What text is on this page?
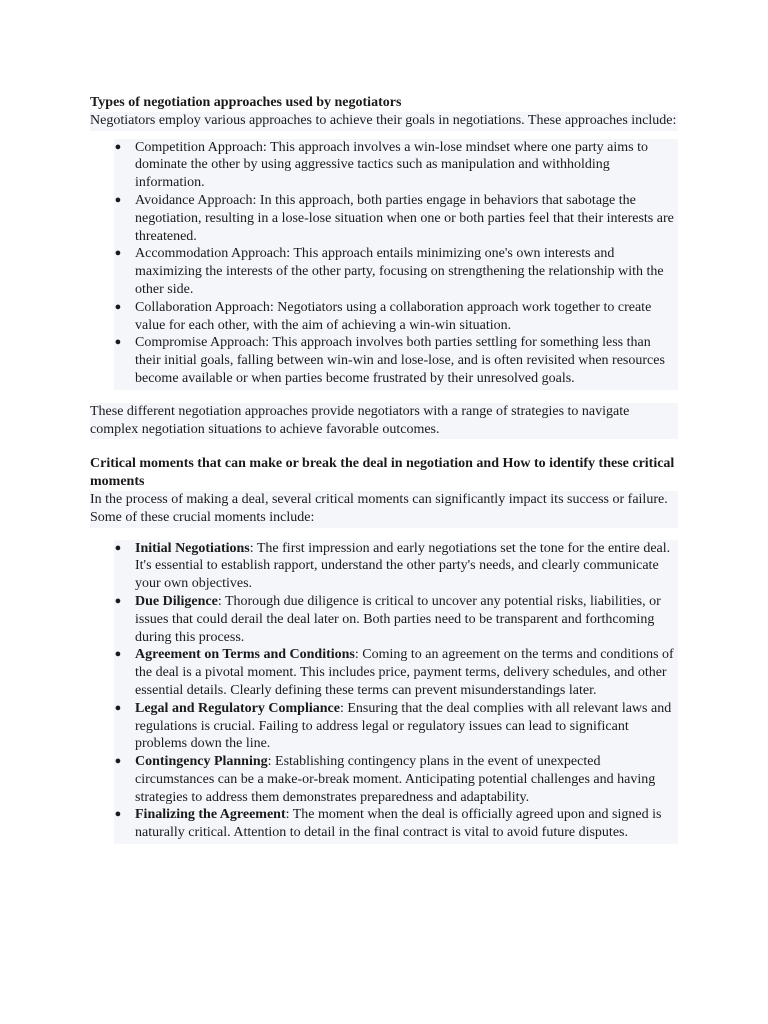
Types of negotiation approaches used by negotiators

Negotiators employ various approaches to achieve their goals in negotiations. These approaches include:

● Competition Approach: This approach involves a win-lose mindset where one party aims to dominate the other by using aggressive tactics such as manipulation and withholding information.
● Avoidance Approach: In this approach, both parties engage in behaviors that sabotage the negotiation, resulting in a lose-lose situation when one or both parties feel that their interests are threatened.
● Accommodation Approach: This approach entails minimizing one's own interests and maximizing the interests of the other party, focusing on strengthening the relationship with the other side.
● Collaboration Approach: Negotiators using a collaboration approach work together to create value for each other, with the aim of achieving a win-win situation.
● Compromise Approach: This approach involves both parties settling for something less than their initial goals, falling between win-win and lose-lose, and is often revisited when resources become available or when parties become frustrated by their unresolved goals.

These different negotiation approaches provide negotiators with a range of strategies to navigate complex negotiation situations to achieve favorable outcomes.

Critical moments that can make or break the deal in negotiation and How to identify these critical moments

In the process of making a deal, several critical moments can significantly impact its success or failure. Some of these crucial moments include:

● Initial Negotiations: The first impression and early negotiations set the tone for the entire deal. It's essential to establish rapport, understand the other party's needs, and clearly communicate your own objectives.
● Due Diligence: Thorough due diligence is critical to uncover any potential risks, liabilities, or issues that could derail the deal later on. Both parties need to be transparent and forthcoming during this process.
● Agreement on Terms and Conditions: Coming to an agreement on the terms and conditions of the deal is a pivotal moment. This includes price, payment terms, delivery schedules, and other essential details. Clearly defining these terms can prevent misunderstandings later.
● Legal and Regulatory Compliance: Ensuring that the deal complies with all relevant laws and regulations is crucial. Failing to address legal or regulatory issues can lead to significant problems down the line.
● Contingency Planning: Establishing contingency plans in the event of unexpected circumstances can be a make-or-break moment. Anticipating potential challenges and having strategies to address them demonstrates preparedness and adaptability.
● Finalizing the Agreement: The moment when the deal is officially agreed upon and signed is naturally critical. Attention to detail in the final contract is vital to avoid future disputes.
